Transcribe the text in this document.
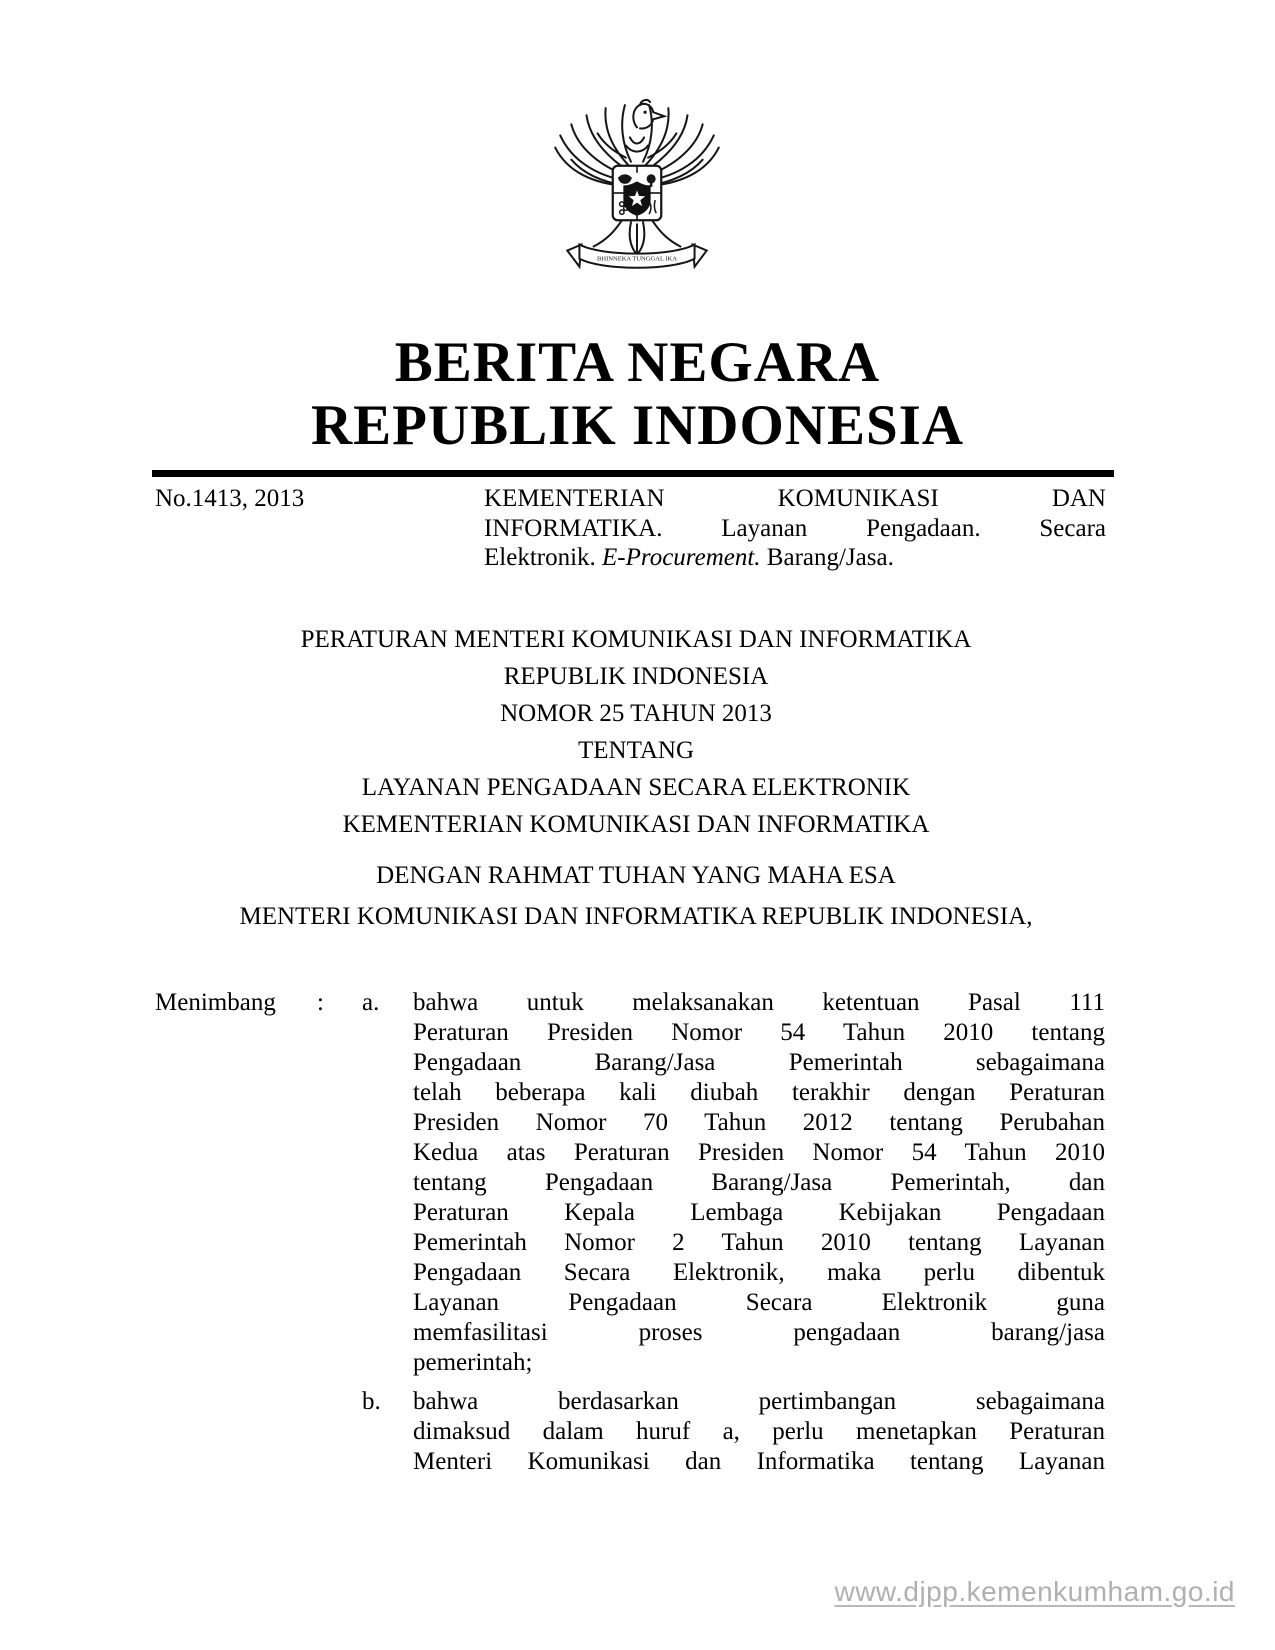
BHINNEKA TUNGGAL IKA
BERITA NEGARA
REPUBLIK INDONESIA
No.1413, 2013	KEMENTERIAN KOMUNIKASI DAN
INFORMATIKA. Layanan Pengadaan. Secara
Elektronik. E-Procurement. Barang/Jasa.
PERATURAN MENTERI KOMUNIKASI DAN INFORMATIKA
REPUBLIK INDONESIA
NOMOR 25 TAHUN 2013
TENTANG
LAYANAN PENGADAAN SECARA ELEKTRONIK
KEMENTERIAN KOMUNIKASI DAN INFORMATIKA
DENGAN RAHMAT TUHAN YANG MAHA ESA
MENTERI KOMUNIKASI DAN INFORMATIKA REPUBLIK INDONESIA,
Menimbang : a. bahwa untuk melaksanakan ketentuan Pasal 111
Peraturan Presiden Nomor 54 Tahun 2010 tentang
Pengadaan Barang/Jasa Pemerintah sebagaimana
telah beberapa kali diubah terakhir dengan Peraturan
Presiden Nomor 70 Tahun 2012 tentang Perubahan
Kedua atas Peraturan Presiden Nomor 54 Tahun 2010
tentang Pengadaan Barang/Jasa Pemerintah, dan
Peraturan Kepala Lembaga Kebijakan Pengadaan
Pemerintah Nomor 2 Tahun 2010 tentang Layanan
Pengadaan Secara Elektronik, maka perlu dibentuk
Layanan Pengadaan Secara Elektronik guna
memfasilitasi proses pengadaan barang/jasa
pemerintah;
b. bahwa berdasarkan pertimbangan sebagaimana
dimaksud dalam huruf a, perlu menetapkan Peraturan
Menteri Komunikasi dan Informatika tentang Layanan
www.djpp.kemenkumham.go.id
